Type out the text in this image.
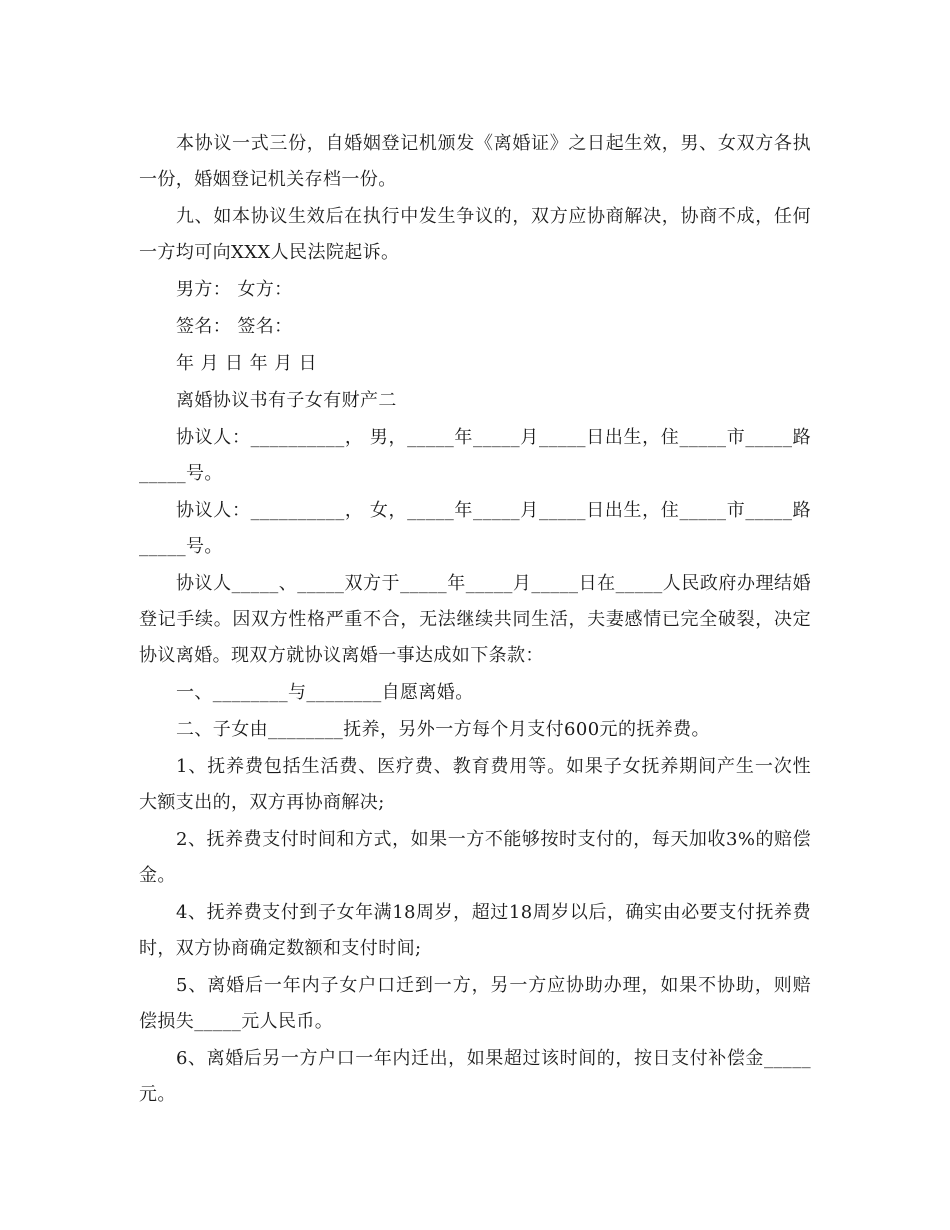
本协议一式三份，自婚姻登记机颁发《离婚证》之日起生效，男、女双方各执一份，婚姻登记机关存档一份。

九、如本协议生效后在执行中发生争议的，双方应协商解决，协商不成，任何一方均可向XXX人民法院起诉。

男方： 女方：

签名： 签名：

年 月 日 年 月 日

离婚协议书有子女有财产二

协议人：__________， 男，_____年_____月_____日出生，住_____市_____路_____号。

协议人：__________， 女，_____年_____月_____日出生，住_____市_____路_____号。

协议人_____、_____双方于_____年_____月_____日在_____人民政府办理结婚登记手续。因双方性格严重不合，无法继续共同生活，夫妻感情已完全破裂，决定协议离婚。现双方就协议离婚一事达成如下条款：

一、________与________自愿离婚。

二、子女由________抚养，另外一方每个月支付600元的抚养费。

1、抚养费包括生活费、医疗费、教育费用等。如果子女抚养期间产生一次性大额支出的，双方再协商解决;

2、抚养费支付时间和方式，如果一方不能够按时支付的，每天加收3%的赔偿金。

4、抚养费支付到子女年满18周岁，超过18周岁以后，确实由必要支付抚养费时，双方协商确定数额和支付时间;

5、离婚后一年内子女户口迁到一方，另一方应协助办理，如果不协助，则赔偿损失_____元人民币。

6、离婚后另一方户口一年内迁出，如果超过该时间的，按日支付补偿金_____元。
